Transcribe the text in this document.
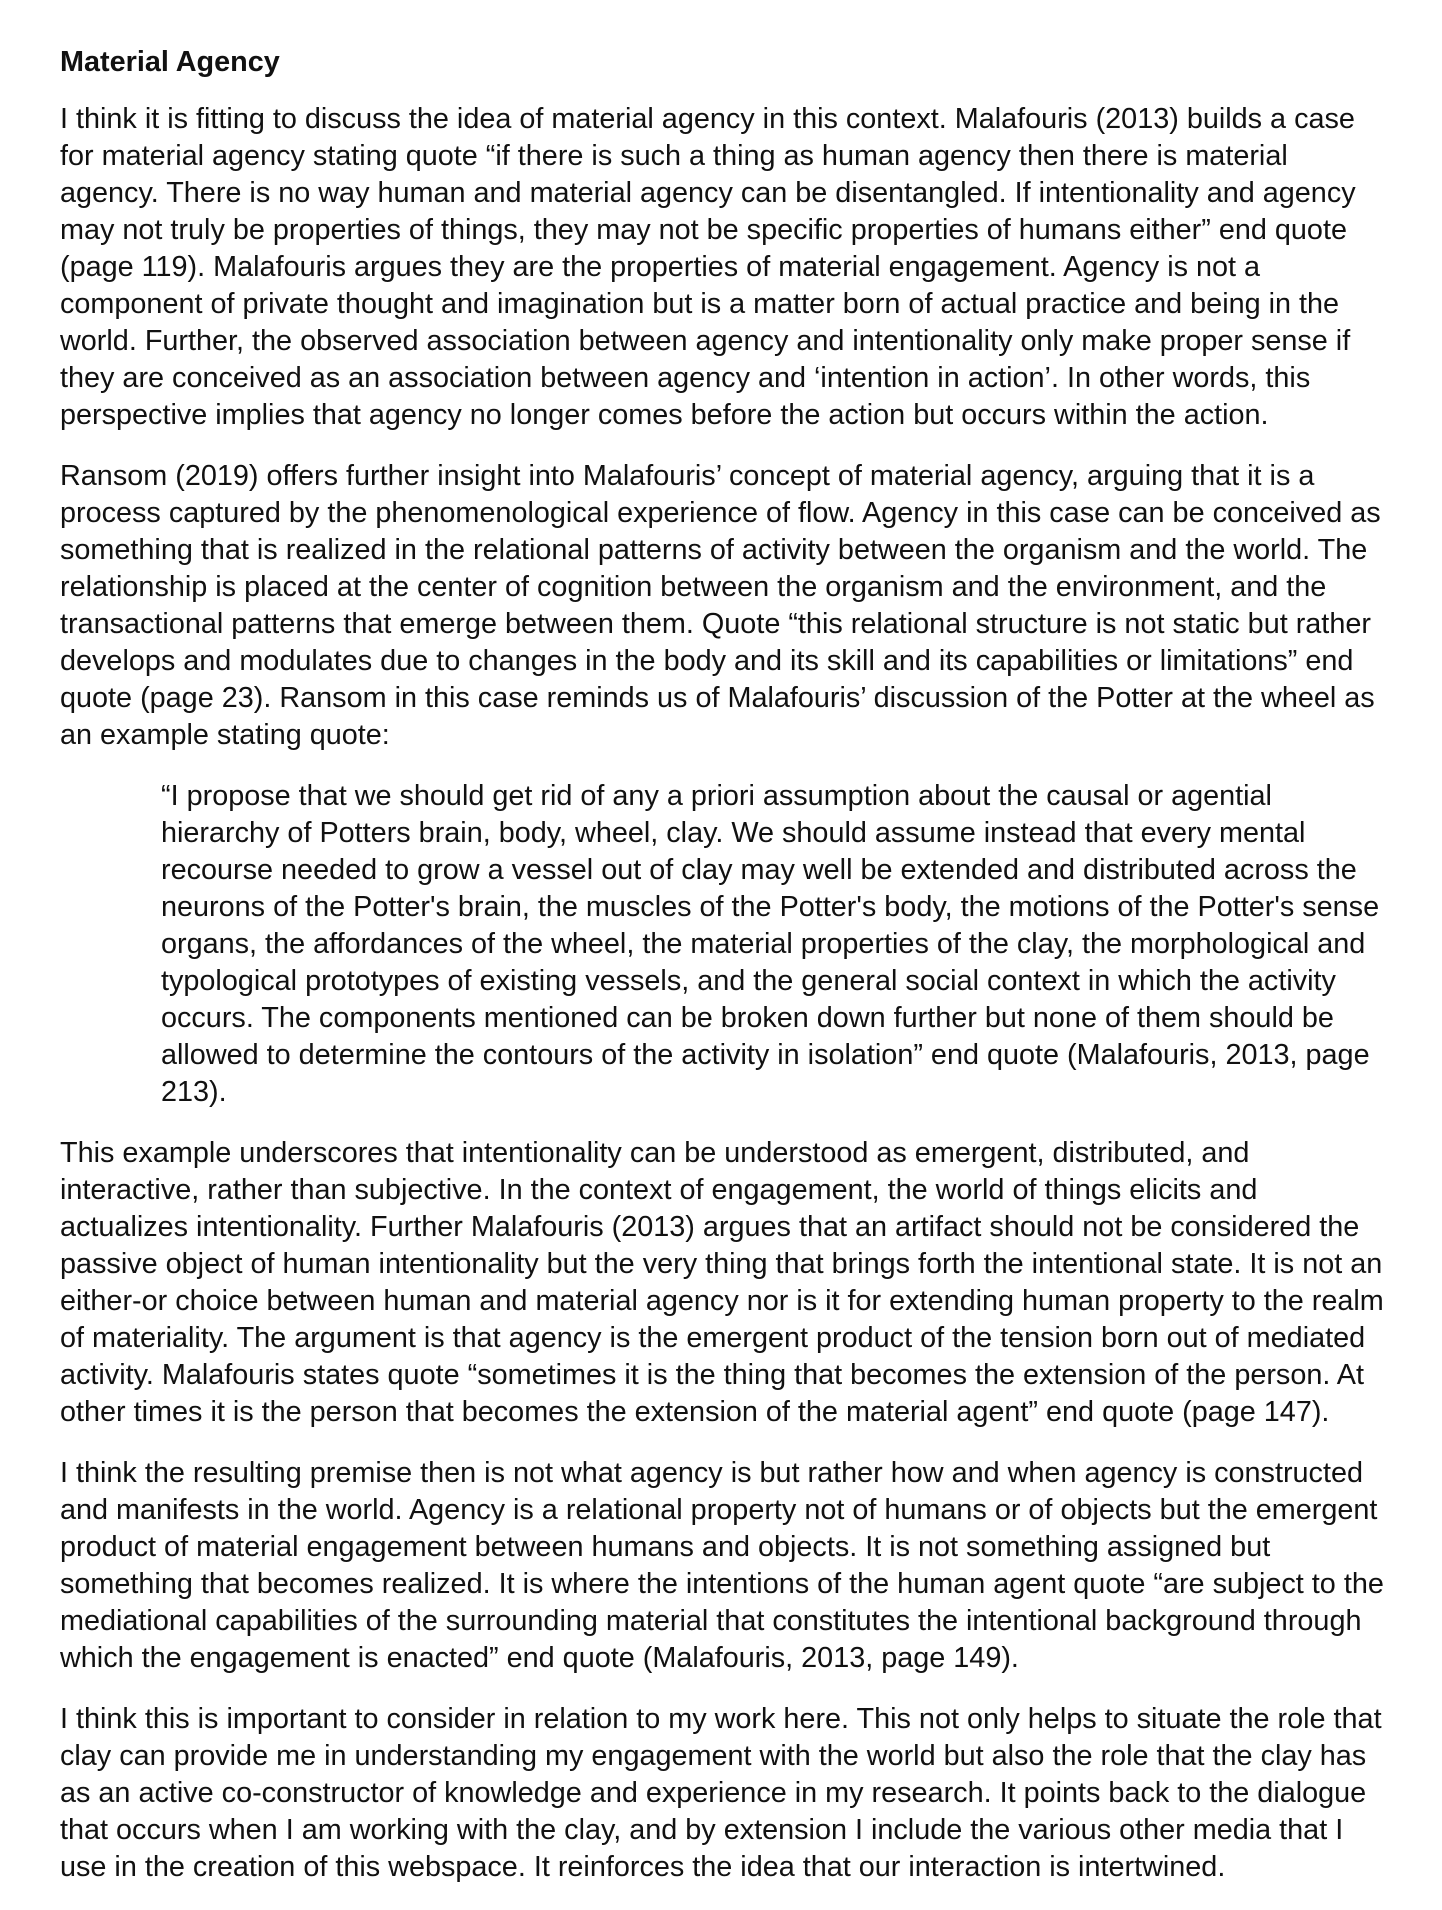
Material Agency

I think it is fitting to discuss the idea of material agency in this context. Malafouris (2013) builds a case for material agency stating quote “if there is such a thing as human agency then there is material agency. There is no way human and material agency can be disentangled. If intentionality and agency may not truly be properties of things, they may not be specific properties of humans either” end quote (page 119). Malafouris argues they are the properties of material engagement. Agency is not a component of private thought and imagination but is a matter born of actual practice and being in the world. Further, the observed association between agency and intentionality only make proper sense if they are conceived as an association between agency and ‘intention in action’. In other words, this perspective implies that agency no longer comes before the action but occurs within the action.

Ransom (2019) offers further insight into Malafouris’ concept of material agency, arguing that it is a process captured by the phenomenological experience of flow. Agency in this case can be conceived as something that is realized in the relational patterns of activity between the organism and the world. The relationship is placed at the center of cognition between the organism and the environment, and the transactional patterns that emerge between them. Quote “this relational structure is not static but rather develops and modulates due to changes in the body and its skill and its capabilities or limitations” end quote (page 23). Ransom in this case reminds us of Malafouris’ discussion of the Potter at the wheel as an example stating quote:

“I propose that we should get rid of any a priori assumption about the causal or agential hierarchy of Potters brain, body, wheel, clay. We should assume instead that every mental recourse needed to grow a vessel out of clay may well be extended and distributed across the neurons of the Potter's brain, the muscles of the Potter's body, the motions of the Potter's sense organs, the affordances of the wheel, the material properties of the clay, the morphological and typological prototypes of existing vessels, and the general social context in which the activity occurs. The components mentioned can be broken down further but none of them should be allowed to determine the contours of the activity in isolation” end quote (Malafouris, 2013, page 213).

This example underscores that intentionality can be understood as emergent, distributed, and interactive, rather than subjective. In the context of engagement, the world of things elicits and actualizes intentionality. Further Malafouris (2013) argues that an artifact should not be considered the passive object of human intentionality but the very thing that brings forth the intentional state. It is not an either-or choice between human and material agency nor is it for extending human property to the realm of materiality. The argument is that agency is the emergent product of the tension born out of mediated activity. Malafouris states quote “sometimes it is the thing that becomes the extension of the person. At other times it is the person that becomes the extension of the material agent” end quote (page 147).

I think the resulting premise then is not what agency is but rather how and when agency is constructed and manifests in the world. Agency is a relational property not of humans or of objects but the emergent product of material engagement between humans and objects. It is not something assigned but something that becomes realized. It is where the intentions of the human agent quote “are subject to the mediational capabilities of the surrounding material that constitutes the intentional background through which the engagement is enacted” end quote (Malafouris, 2013, page 149).

I think this is important to consider in relation to my work here. This not only helps to situate the role that clay can provide me in understanding my engagement with the world but also the role that the clay has as an active co-constructor of knowledge and experience in my research. It points back to the dialogue that occurs when I am working with the clay, and by extension I include the various other media that I use in the creation of this webspace. It reinforces the idea that our interaction is intertwined.
